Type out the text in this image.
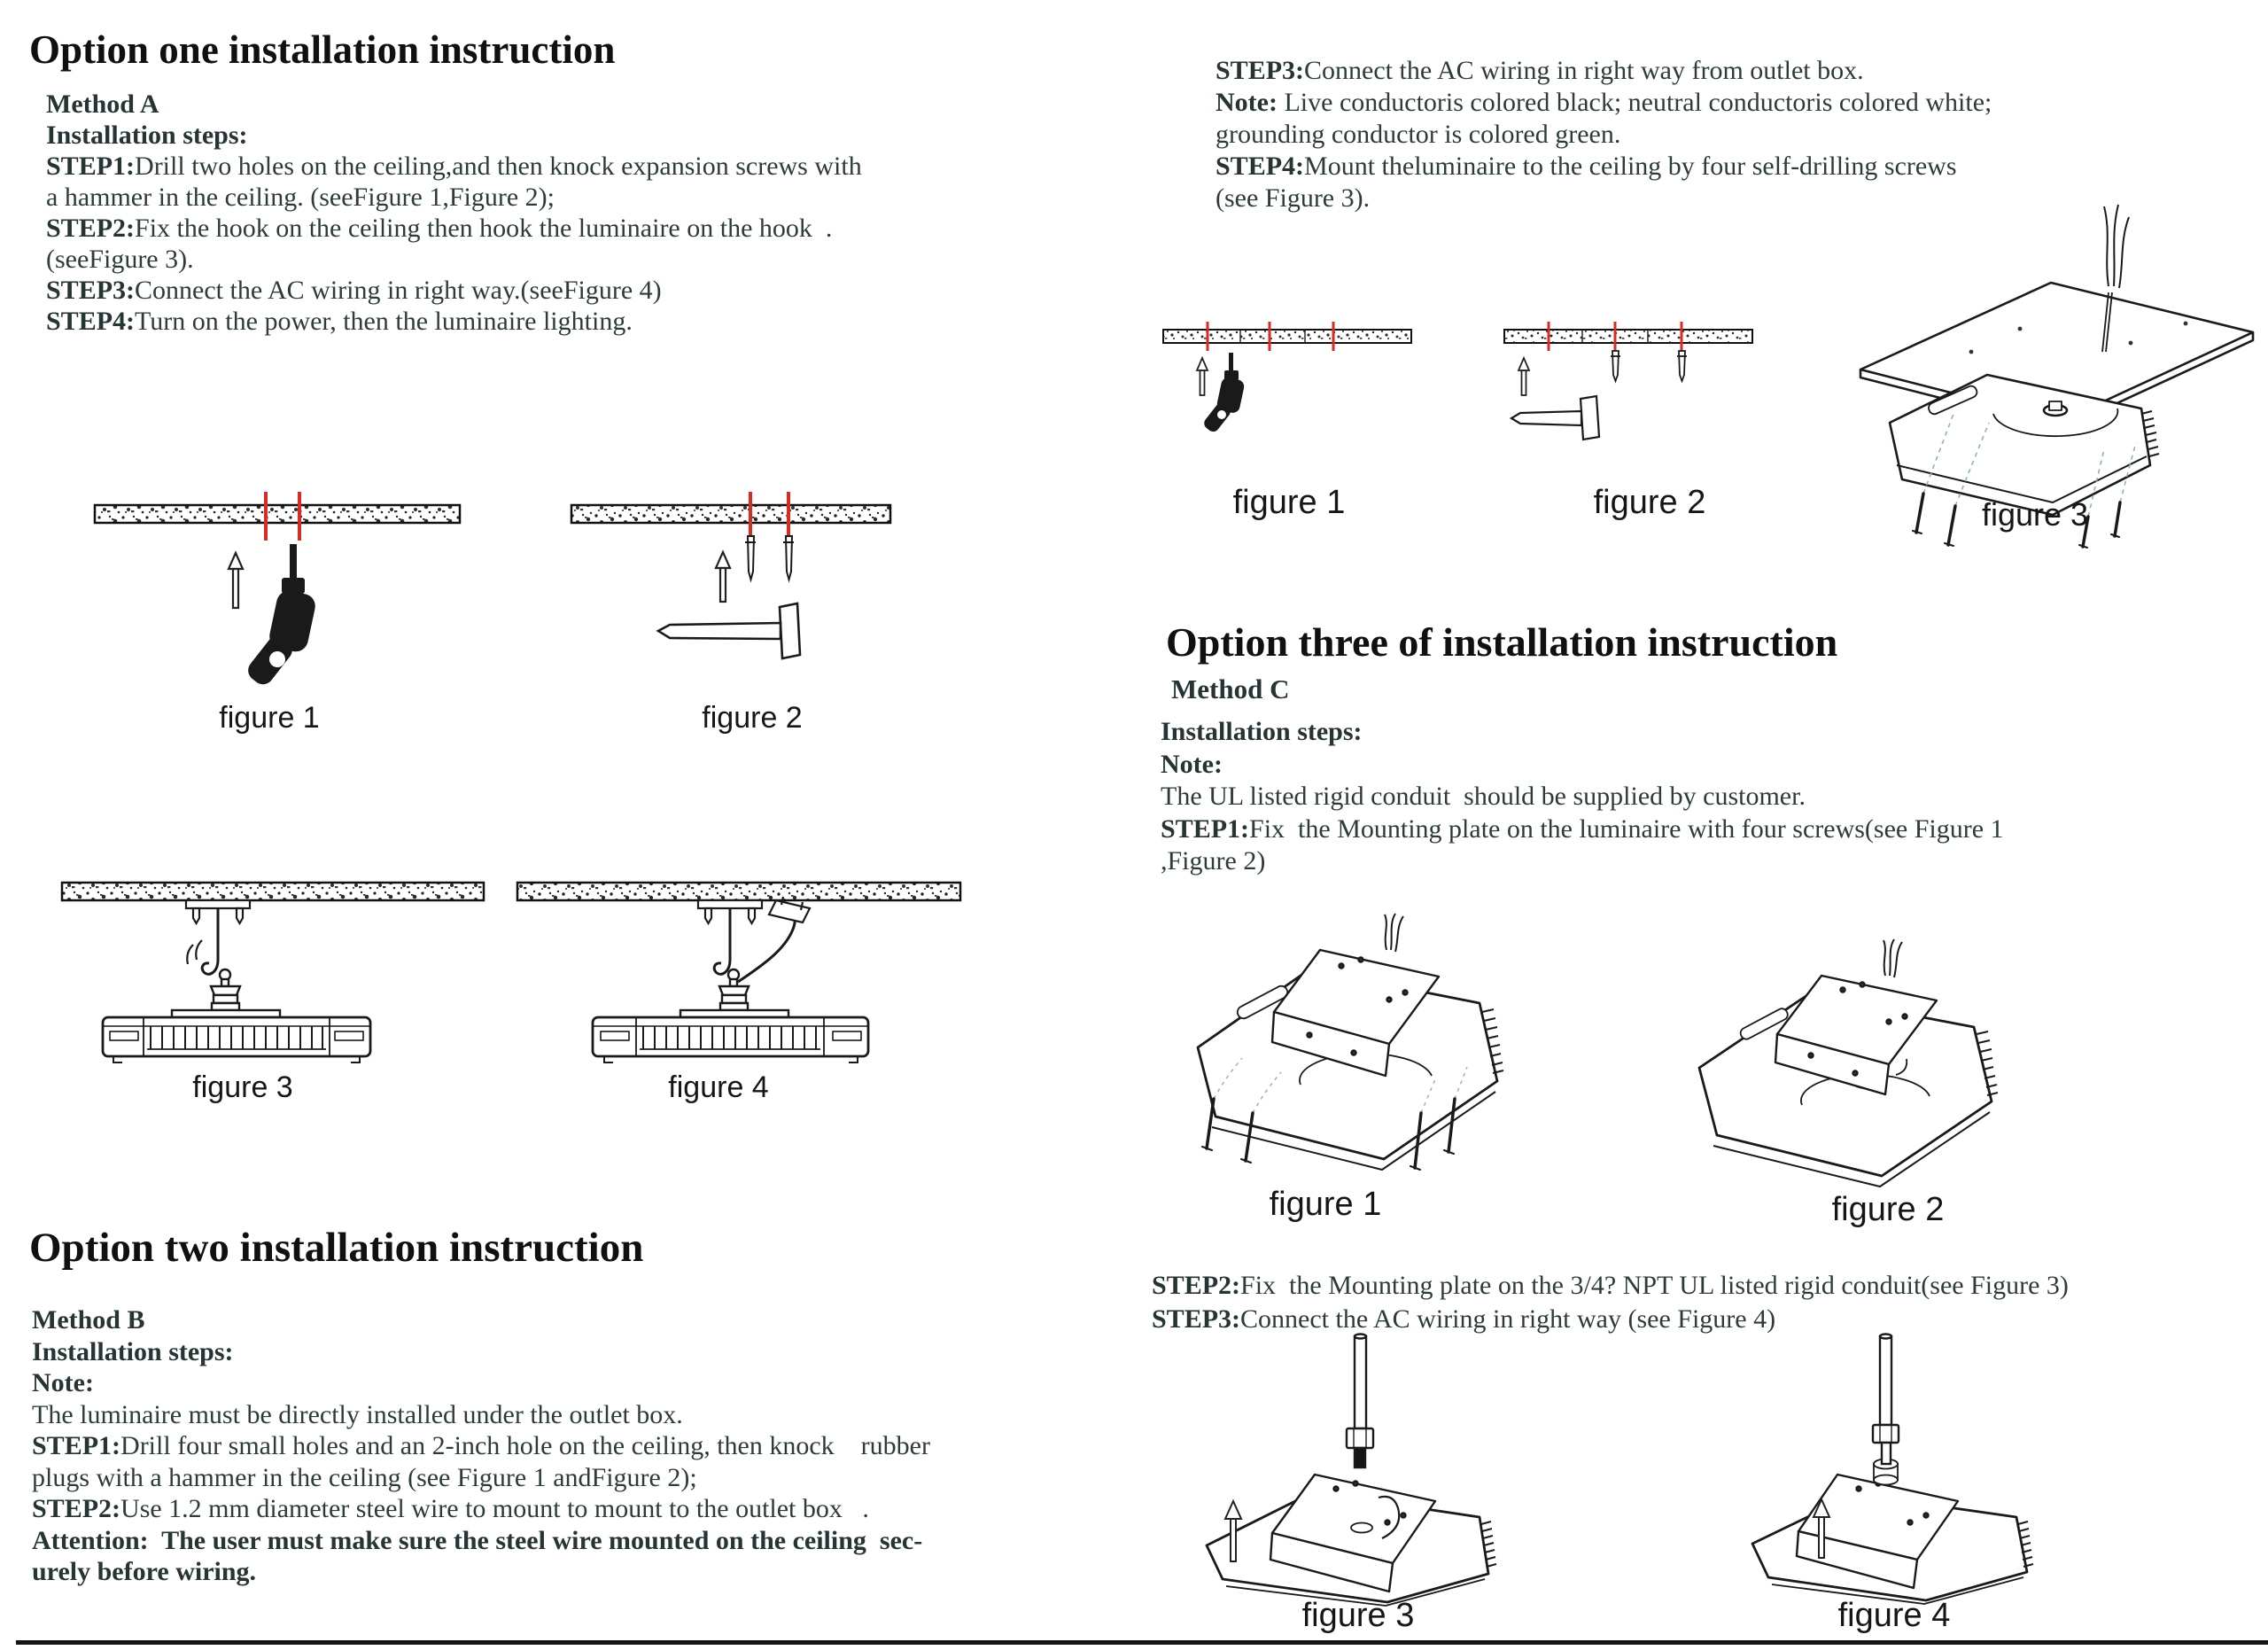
Option one installation instruction
Method A
Installation steps:
STEP1:Drill two holes on the ceiling,and then knock expansion screws with
a hammer in the ceiling. (seeFigure 1,Figure 2);
STEP2:Fix the hook on the ceiling then hook the luminaire on the hook  .
(seeFigure 3).
STEP3:Connect the AC wiring in right way.(seeFigure 4)
STEP4:Turn on the power, then the luminaire lighting.
figure 1	figure 2
figure 3	figure 4
Option two installation instruction
Method B
Installation steps:
Note:
The luminaire must be directly installed under the outlet box.
STEP1:Drill four small holes and an 2-inch hole on the ceiling, then knock    rubber
plugs with a hammer in the ceiling (see Figure 1 andFigure 2);
STEP2:Use 1.2 mm diameter steel wire to mount to mount to the outlet box   .
Attention:  The user must make sure the steel wire mounted on the ceiling  sec-
urely before wiring.
STEP3:Connect the AC wiring in right way from outlet box.
Note: Live conductoris colored black; neutral conductoris colored white;
grounding conductor is colored green.
STEP4:Mount theluminaire to the ceiling by four self-drilling screws
(see Figure 3).
figure 1	figure 2	figure 3
Option three of installation instruction
Method C
Installation steps:
Note:
The UL listed rigid conduit  should be supplied by customer.
STEP1:Fix  the Mounting plate on the luminaire with four screws(see Figure 1
,Figure 2)
figure 1	figure 2
STEP2:Fix  the Mounting plate on the 3/4? NPT UL listed rigid conduit(see Figure 3)
STEP3:Connect the AC wiring in right way (see Figure 4)
figure 3	figure 4
